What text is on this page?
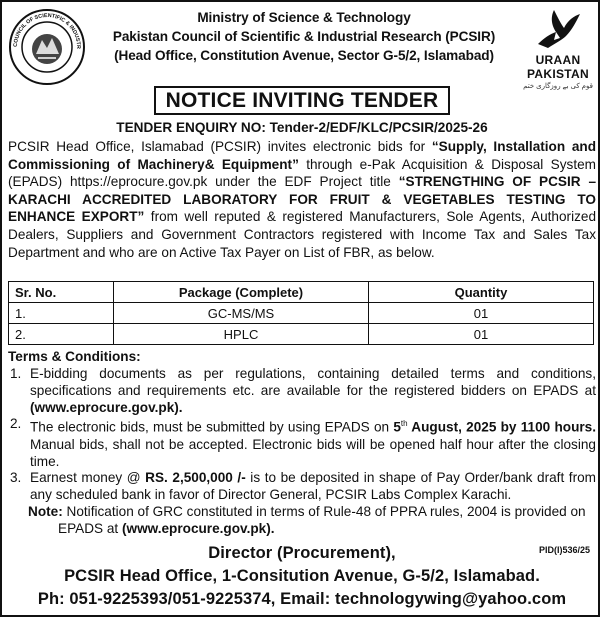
COUNCIL OF SCIENTIFIC & INDUSTR
Ministry of Science & Technology
Pakistan Council of Scientific & Industrial Research (PCSIR)
(Head Office, Constitution Avenue, Sector G-5/2, Islamabad)	URAAN
PAKISTAN
قوم کی بے روزگاری ختم
NOTICE INVITING TENDER
TENDER ENQUIRY NO: Tender-2/EDF/KLC/PCSIR/2025-26
PCSIR Head Office, Islamabad (PCSIR) invites electronic bids for “Supply, Installation and Commissioning of Machinery& Equipment” through e-Pak Acquisition & Disposal System (EPADS) https://eprocure.gov.pk under the EDF Project title “STRENGTHING OF PCSIR –KARACHI ACCREDITED LABORATORY FOR FRUIT & VEGETABLES TESTING TO ENHANCE EXPORT” from well reputed & registered Manufacturers, Sole Agents, Authorized Dealers, Suppliers and Government Contractors registered with Income Tax and Sales Tax Department and who are on Active Tax Payer on List of FBR, as below.
Sr. No.	Package (Complete)	Quantity
1.	GC-MS/MS	01
2.	HPLC	01
Terms & Conditions:
1. E-bidding documents as per regulations, containing detailed terms and conditions, specifications and requirements etc. are available for the registered bidders on EPADS at (www.eprocure.gov.pk).
2. The electronic bids, must be submitted by using EPADS on 5th August, 2025 by 1100 hours. Manual bids, shall not be accepted. Electronic bids will be opened half hour after the closing time.
3. Earnest money @ RS. 2,500,000 /- is to be deposited in shape of Pay Order/bank draft from any scheduled bank in favor of Director General, PCSIR Labs Complex Karachi.
Note: Notification of GRC constituted in terms of Rule-48 of PPRA rules, 2004 is provided on EPADS at (www.eprocure.gov.pk).
Director (Procurement),
PCSIR Head Office, 1-Consitution Avenue, G-5/2, Islamabad.
Ph: 051-9225393/051-9225374, Email: technologywing@yahoo.com
PID(I)536/25
